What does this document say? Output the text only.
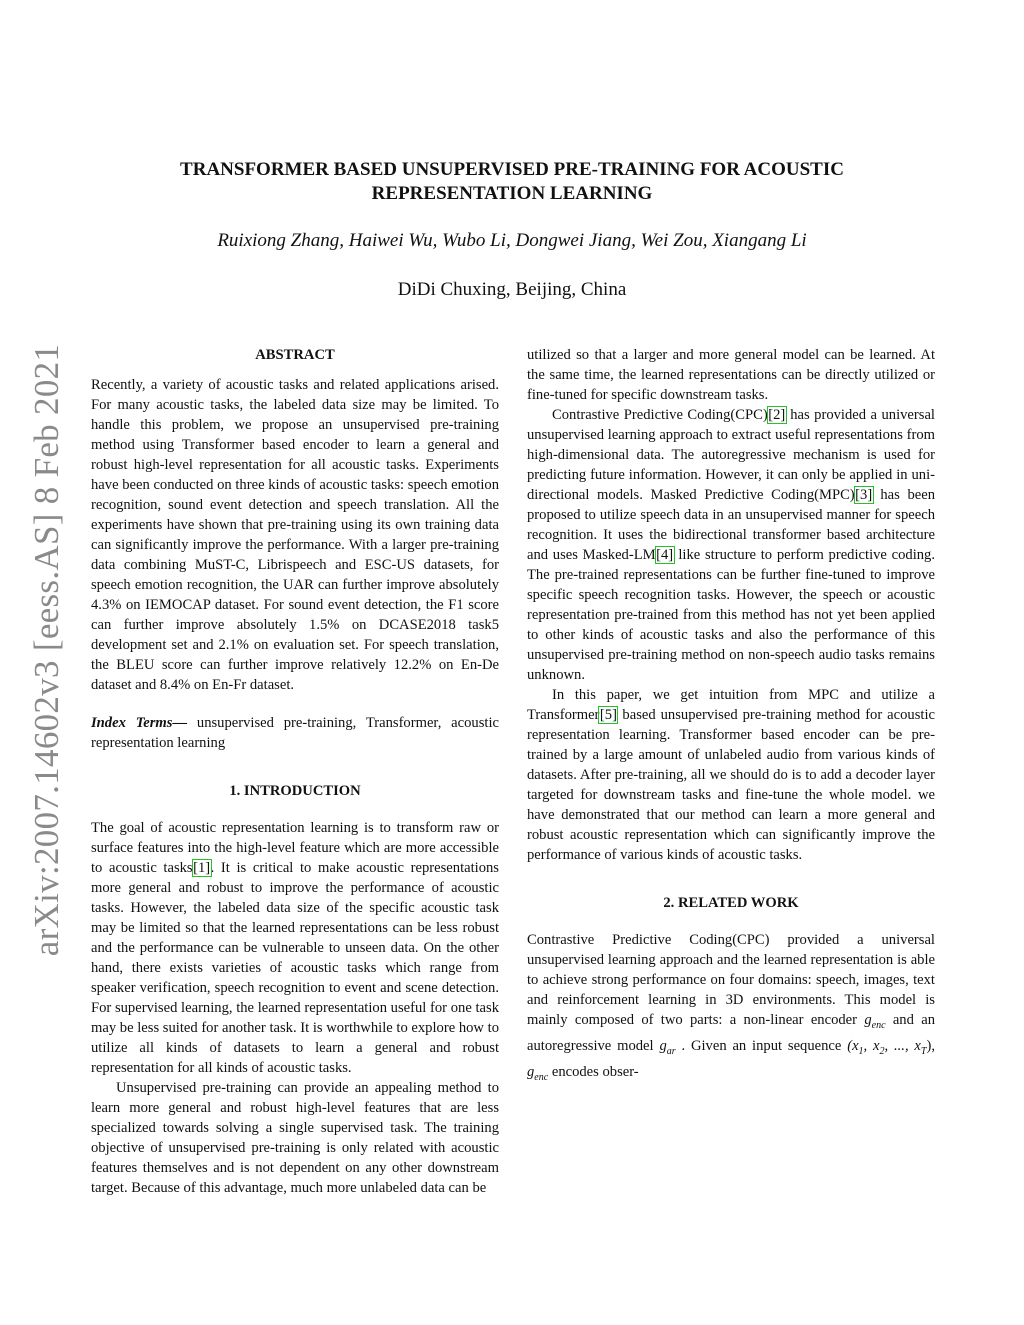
arXiv:2007.14602v3 [eess.AS] 8 Feb 2021
TRANSFORMER BASED UNSUPERVISED PRE-TRAINING FOR ACOUSTIC
REPRESENTATION LEARNING
Ruixiong Zhang, Haiwei Wu, Wubo Li, Dongwei Jiang, Wei Zou, Xiangang Li
DiDi Chuxing, Beijing, China
ABSTRACT

Recently, a variety of acoustic tasks and related applications arised. For many acoustic tasks, the labeled data size may be limited. To handle this problem, we propose an unsupervised pre-training method using Transformer based encoder to learn a general and robust high-level representation for all acoustic tasks. Experiments have been conducted on three kinds of acoustic tasks: speech emotion recognition, sound event detection and speech translation. All the experiments have shown that pre-training using its own training data can significantly improve the performance. With a larger pre-training data combining MuST-C, Librispeech and ESC-US datasets, for speech emotion recognition, the UAR can further improve absolutely 4.3% on IEMOCAP dataset. For sound event detection, the F1 score can further improve absolutely 1.5% on DCASE2018 task5 development set and 2.1% on evaluation set. For speech translation, the BLEU score can further improve relatively 12.2% on En-De dataset and 8.4% on En-Fr dataset.

Index Terms— unsupervised pre-training, Transformer, acoustic representation learning

1. INTRODUCTION

The goal of acoustic representation learning is to transform raw or surface features into the high-level feature which are more accessible to acoustic tasks[1]. It is critical to make acoustic representations more general and robust to improve the performance of acoustic tasks. However, the labeled data size of the specific acoustic task may be limited so that the learned representations can be less robust and the performance can be vulnerable to unseen data. On the other hand, there exists varieties of acoustic tasks which range from speaker verification, speech recognition to event and scene detection. For supervised learning, the learned representation useful for one task may be less suited for another task. It is worthwhile to explore how to utilize all kinds of datasets to learn a general and robust representation for all kinds of acoustic tasks.

Unsupervised pre-training can provide an appealing method to learn more general and robust high-level features that are less specialized towards solving a single supervised task. The training objective of unsupervised pre-training is only related with acoustic features themselves and is not dependent on any other downstream target. Because of this advantage, much more unlabeled data can be

utilized so that a larger and more general model can be learned. At the same time, the learned representations can be directly utilized or fine-tuned for specific downstream tasks.

Contrastive Predictive Coding(CPC)[2] has provided a universal unsupervised learning approach to extract useful representations from high-dimensional data. The autoregressive mechanism is used for predicting future information. However, it can only be applied in uni-directional models. Masked Predictive Coding(MPC)[3] has been proposed to utilize speech data in an unsupervised manner for speech recognition. It uses the bidirectional transformer based architecture and uses Masked-LM[4] like structure to perform predictive coding. The pre-trained representations can be further fine-tuned to improve specific speech recognition tasks. However, the speech or acoustic representation pre-trained from this method has not yet been applied to other kinds of acoustic tasks and also the performance of this unsupervised pre-training method on non-speech audio tasks remains unknown.

In this paper, we get intuition from MPC and utilize a Transformer[5] based unsupervised pre-training method for acoustic representation learning. Transformer based encoder can be pre-trained by a large amount of unlabeled audio from various kinds of datasets. After pre-training, all we should do is to add a decoder layer targeted for downstream tasks and fine-tune the whole model. we have demonstrated that our method can learn a more general and robust acoustic representation which can significantly improve the performance of various kinds of acoustic tasks.

2. RELATED WORK

Contrastive Predictive Coding(CPC) provided a universal unsupervised learning approach and the learned representation is able to achieve strong performance on four domains: speech, images, text and reinforcement learning in 3D environments. This model is mainly composed of two parts: a non-linear encoder $g_{enc}$ and an autoregressive model $g_{ar}$ . Given an input sequence ($x_1$, $x_2$, ..., $x_T$), $g_{enc}$ encodes obser-
